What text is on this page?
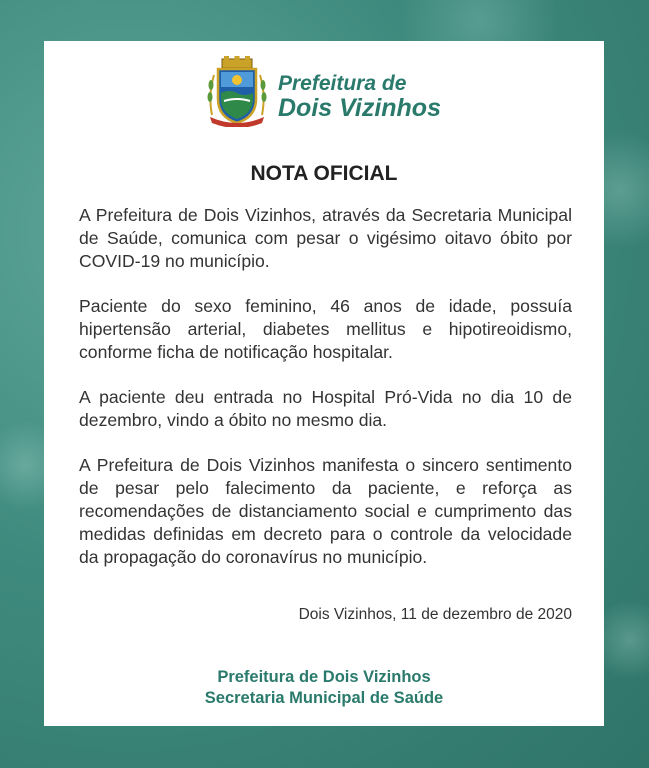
Prefeitura de
Dois Vizinhos
NOTA OFICIAL

A Prefeitura de Dois Vizinhos, através da Secretaria Municipal de Saúde, comunica com pesar o vigésimo oitavo óbito por COVID-19 no município.

Paciente do sexo feminino, 46 anos de idade, possuía hipertensão arterial, diabetes mellitus e hipotireoidismo, conforme ficha de notificação hospitalar.

A paciente deu entrada no Hospital Pró-Vida no dia 10 de dezembro, vindo a óbito no mesmo dia.

A Prefeitura de Dois Vizinhos manifesta o sincero sentimento de pesar pelo falecimento da paciente, e reforça as recomendações de distanciamento social e cumprimento das medidas definidas em decreto para o controle da velocidade da propagação do coronavírus no município.

Dois Vizinhos, 11 de dezembro de 2020

Prefeitura de Dois Vizinhos
Secretaria Municipal de Saúde
